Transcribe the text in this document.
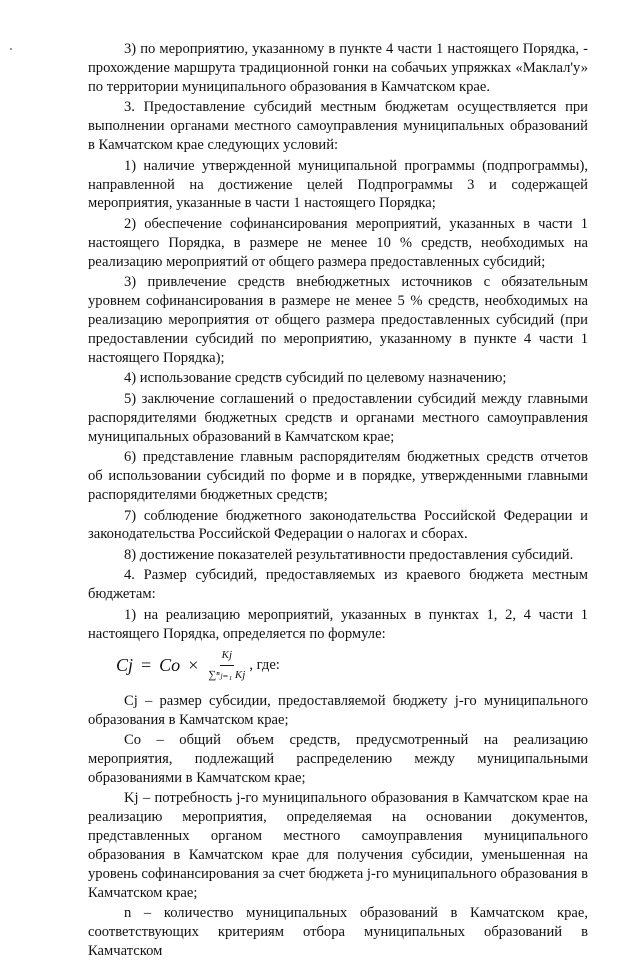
3) по мероприятию, указанному в пункте 4 части 1 настоящего Порядка, - прохождение маршрута традиционной гонки на собачьих упряжках «Маклал'у» по территории муниципального образования в Камчатском крае.

3. Предоставление субсидий местным бюджетам осуществляется при выполнении органами местного самоуправления муниципальных образований в Камчатском крае следующих условий:

1) наличие утвержденной муниципальной программы (подпрограммы), направленной на достижение целей Подпрограммы 3 и содержащей мероприятия, указанные в части 1 настоящего Порядка;

2) обеспечение софинансирования мероприятий, указанных в части 1 настоящего Порядка, в размере не менее 10 % средств, необходимых на реализацию мероприятий от общего размера предоставленных субсидий;

3) привлечение средств внебюджетных источников с обязательным уровнем софинансирования в размере не менее 5 % средств, необходимых на реализацию мероприятия от общего размера предоставленных субсидий (при предоставлении субсидий по мероприятию, указанному в пункте 4 части 1 настоящего Порядка);

4) использование средств субсидий по целевому назначению;

5) заключение соглашений о предоставлении субсидий между главными распорядителями бюджетных средств и органами местного самоуправления муниципальных образований в Камчатском крае;

6) представление главным распорядителям бюджетных средств отчетов об использовании субсидий по форме и в порядке, утвержденными главными распорядителями бюджетных средств;

7) соблюдение бюджетного законодательства Российской Федерации и законодательства Российской Федерации о налогах и сборах.

8) достижение показателей результативности предоставления субсидий.

4. Размер субсидий, предоставляемых из краевого бюджета местным бюджетам:

1) на реализацию мероприятий, указанных в пунктах 1, 2, 4 части 1 настоящего Порядка, определяется по формуле:

$Cj = Co \times \frac{Kj}{\text{∑ⁿⱼ₌₁ Kj}}$ , где:

Cj – размер субсидии, предоставляемой бюджету j-го муниципального образования в Камчатском крае;

Co – общий объем средств, предусмотренный на реализацию мероприятия, подлежащий распределению между муниципальными образованиями в Камчатском крае;

Kj – потребность j-го муниципального образования в Камчатском крае на реализацию мероприятия, определяемая на основании документов, представленных органом местного самоуправления муниципального образования в Камчатском крае для получения субсидии, уменьшенная на уровень софинансирования за счет бюджета j-го муниципального образования в Камчатском крае;

n – количество муниципальных образований в Камчатском крае, соответствующих критериям отбора муниципальных образований в Камчатском
